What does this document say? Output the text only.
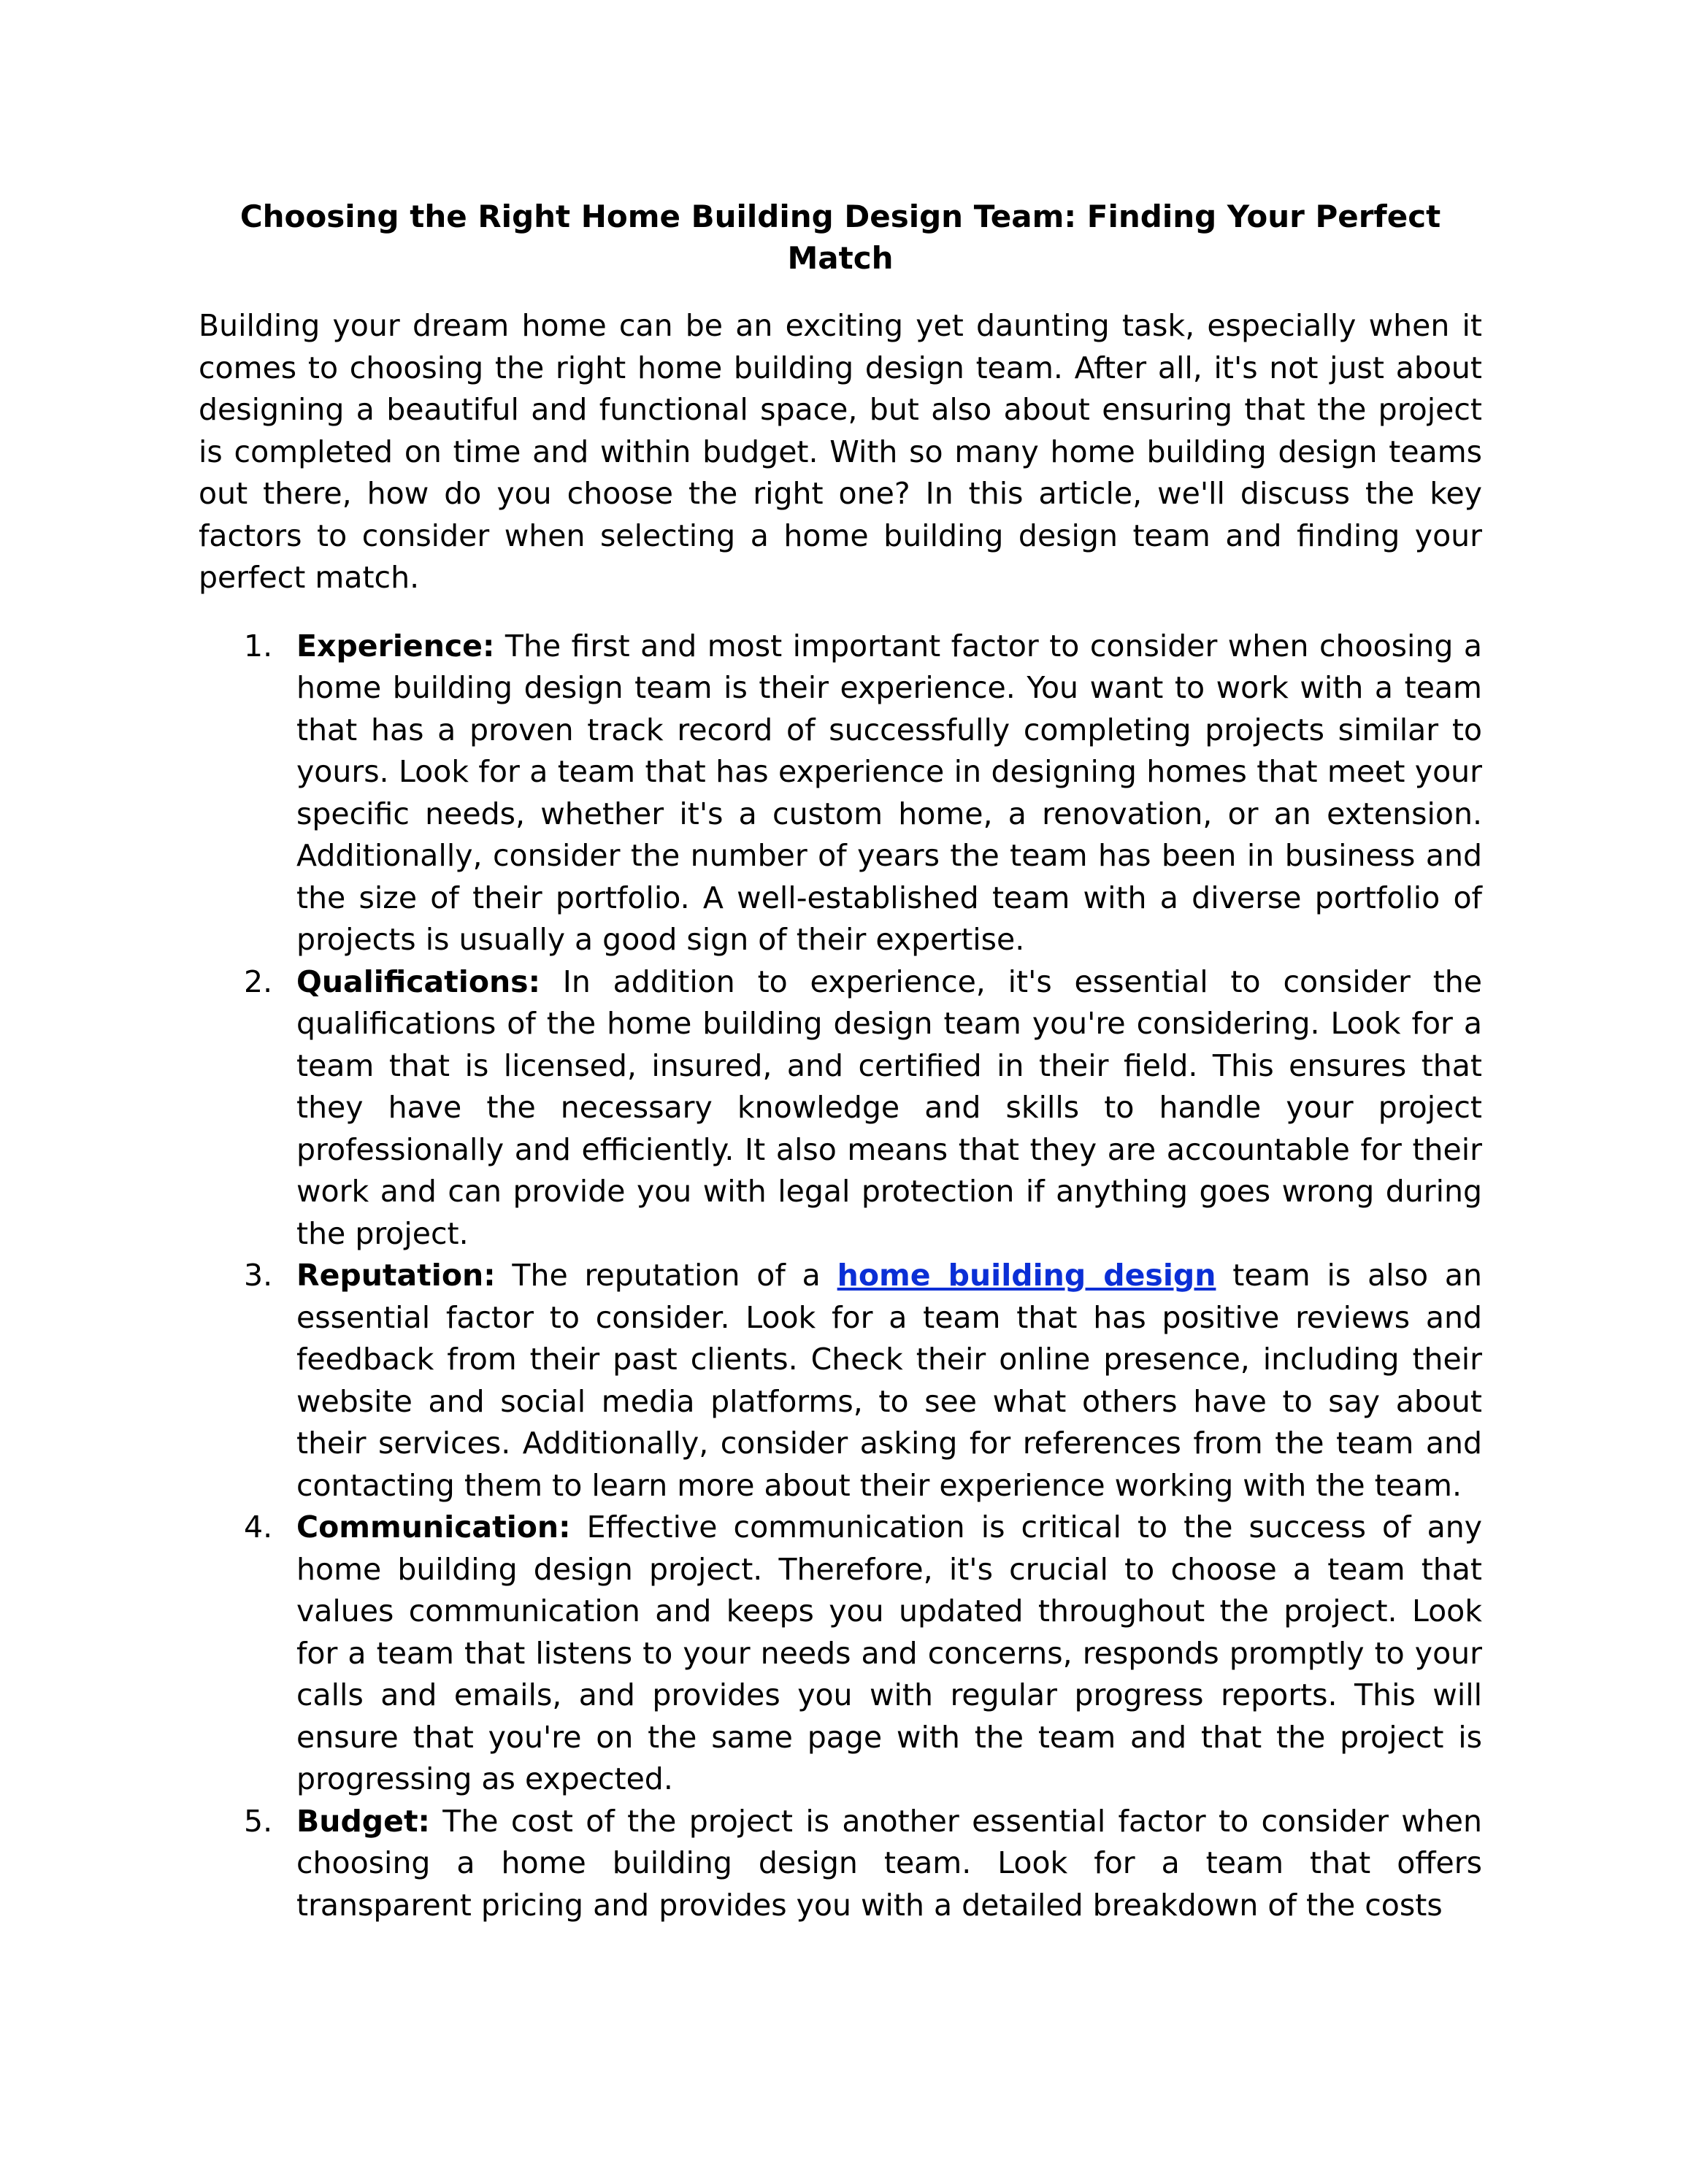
Choosing the Right Home Building Design Team: Finding Your Perfect Match

Building your dream home can be an exciting yet daunting task, especially when it comes to choosing the right home building design team. After all, it's not just about designing a beautiful and functional space, but also about ensuring that the project is completed on time and within budget. With so many home building design teams out there, how do you choose the right one? In this article, we'll discuss the key factors to consider when selecting a home building design team and finding your perfect match.

1. Experience: The first and most important factor to consider when choosing a home building design team is their experience. You want to work with a team that has a proven track record of successfully completing projects similar to yours. Look for a team that has experience in designing homes that meet your specific needs, whether it's a custom home, a renovation, or an extension. Additionally, consider the number of years the team has been in business and the size of their portfolio. A well-established team with a diverse portfolio of projects is usually a good sign of their expertise.
2. Qualifications: In addition to experience, it's essential to consider the qualifications of the home building design team you're considering. Look for a team that is licensed, insured, and certified in their field. This ensures that they have the necessary knowledge and skills to handle your project professionally and efficiently. It also means that they are accountable for their work and can provide you with legal protection if anything goes wrong during the project.
3. Reputation: The reputation of a home building design team is also an essential factor to consider. Look for a team that has positive reviews and feedback from their past clients. Check their online presence, including their website and social media platforms, to see what others have to say about their services. Additionally, consider asking for references from the team and contacting them to learn more about their experience working with the team.
4. Communication: Effective communication is critical to the success of any home building design project. Therefore, it's crucial to choose a team that values communication and keeps you updated throughout the project. Look for a team that listens to your needs and concerns, responds promptly to your calls and emails, and provides you with regular progress reports. This will ensure that you're on the same page with the team and that the project is progressing as expected.
5. Budget: The cost of the project is another essential factor to consider when choosing a home building design team. Look for a team that offers transparent pricing and provides you with a detailed breakdown of the costs
